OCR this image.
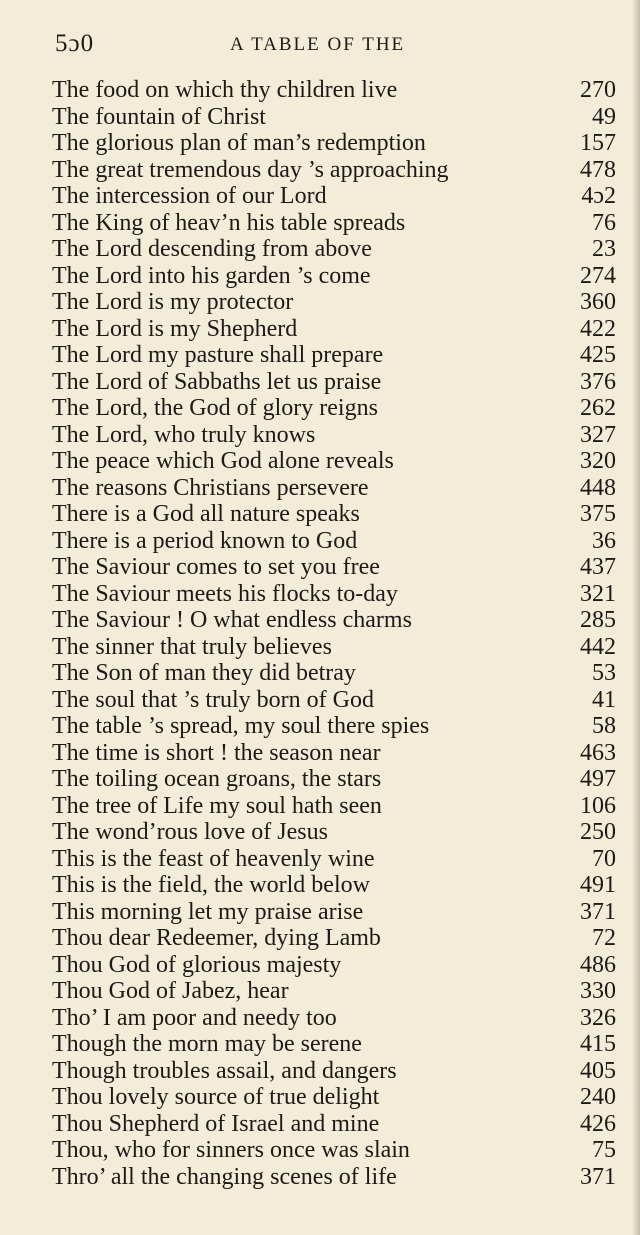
5ɔ0	A TABLE OF THE
The food on which thy children live	270
The fountain of Christ	49
The glorious plan of man’s redemption	157
The great tremendous day ’s approaching	478
The intercession of our Lord	4ɔ2
The King of heav’n his table spreads	76
The Lord descending from above	23
The Lord into his garden ’s come	274
The Lord is my protector	360
The Lord is my Shepherd	422
The Lord my pasture shall prepare	425
The Lord of Sabbaths let us praise	376
The Lord, the God of glory reigns	262
The Lord, who truly knows	327
The peace which God alone reveals	320
The reasons Christians persevere	448
There is a God all nature speaks	375
There is a period known to God	36
The Saviour comes to set you free	437
The Saviour meets his flocks to-day	321
The Saviour ! O what endless charms	285
The sinner that truly believes	442
The Son of man they did betray	53
The soul that ’s truly born of God	41
The table ’s spread, my soul there spies	58
The time is short ! the season near	463
The toiling ocean groans, the stars	497
The tree of Life my soul hath seen	106
The wond’rous love of Jesus	250
This is the feast of heavenly wine	70
This is the field, the world below	491
This morning let my praise arise	371
Thou dear Redeemer, dying Lamb	72
Thou God of glorious majesty	486
Thou God of Jabez, hear	330
Tho’ I am poor and needy too	326
Though the morn may be serene	415
Though troubles assail, and dangers	405
Thou lovely source of true delight	240
Thou Shepherd of Israel and mine	426
Thou, who for sinners once was slain	75
Thro’ all the changing scenes of life	371
